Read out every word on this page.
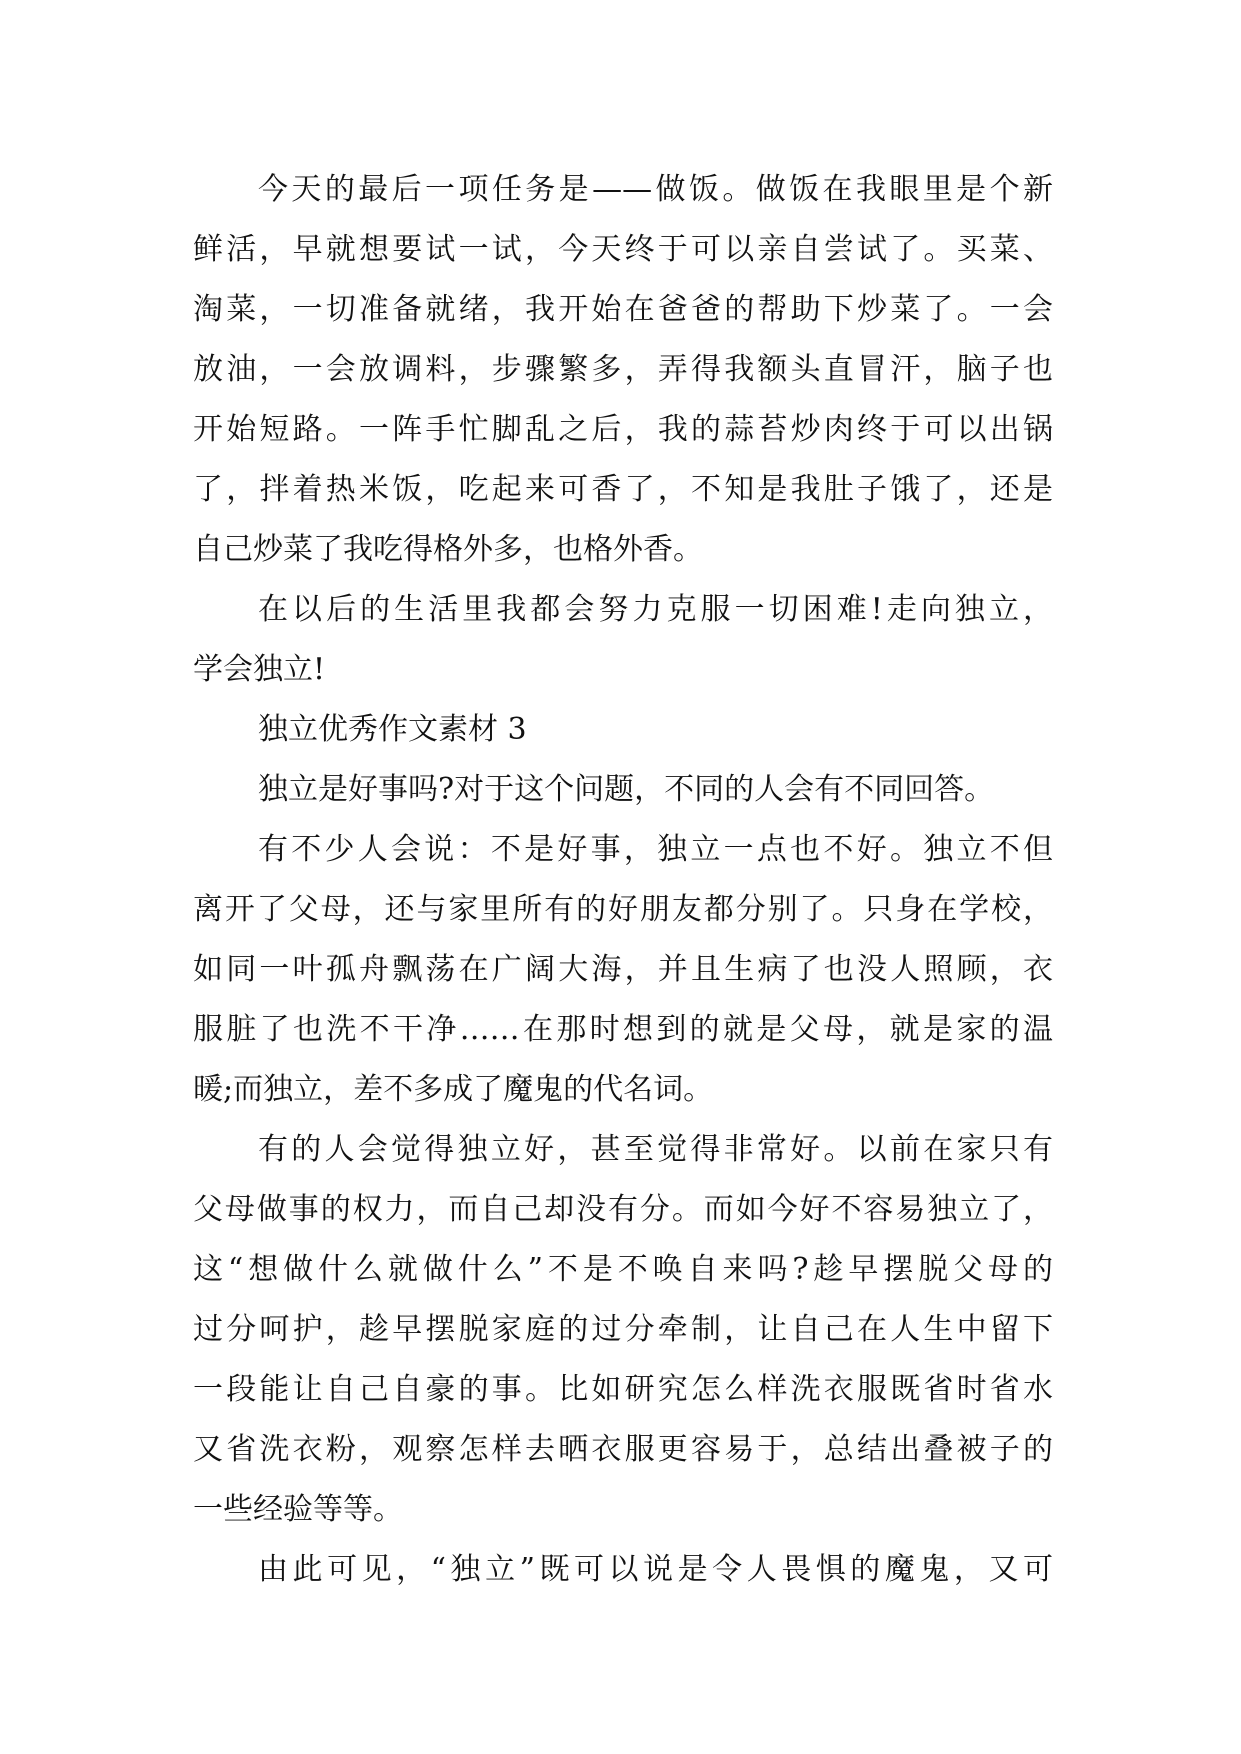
今天的最后一项任务是——做饭。做饭在我眼里是个新
鲜活，早就想要试一试，今天终于可以亲自尝试了。买菜、
淘菜，一切准备就绪，我开始在爸爸的帮助下炒菜了。一会
放油，一会放调料，步骤繁多，弄得我额头直冒汗，脑子也
开始短路。一阵手忙脚乱之后，我的蒜苔炒肉终于可以出锅
了，拌着热米饭，吃起来可香了，不知是我肚子饿了，还是
自己炒菜了我吃得格外多，也格外香。
在以后的生活里我都会努力克服一切困难!走向独立，
学会独立!
独立优秀作文素材 3
独立是好事吗?对于这个问题，不同的人会有不同回答。
有不少人会说：不是好事，独立一点也不好。独立不但
离开了父母，还与家里所有的好朋友都分别了。只身在学校，
如同一叶孤舟飘荡在广阔大海，并且生病了也没人照顾，衣
服脏了也洗不干净……在那时想到的就是父母，就是家的温
暖;而独立，差不多成了魔鬼的代名词。
有的人会觉得独立好，甚至觉得非常好。以前在家只有
父母做事的权力，而自己却没有分。而如今好不容易独立了，
这“想做什么就做什么”不是不唤自来吗?趁早摆脱父母的
过分呵护，趁早摆脱家庭的过分牵制，让自己在人生中留下
一段能让自己自豪的事。比如研究怎么样洗衣服既省时省水
又省洗衣粉，观察怎样去晒衣服更容易于，总结出叠被子的
一些经验等等。
由此可见，“独立”既可以说是令人畏惧的魔鬼，又可
